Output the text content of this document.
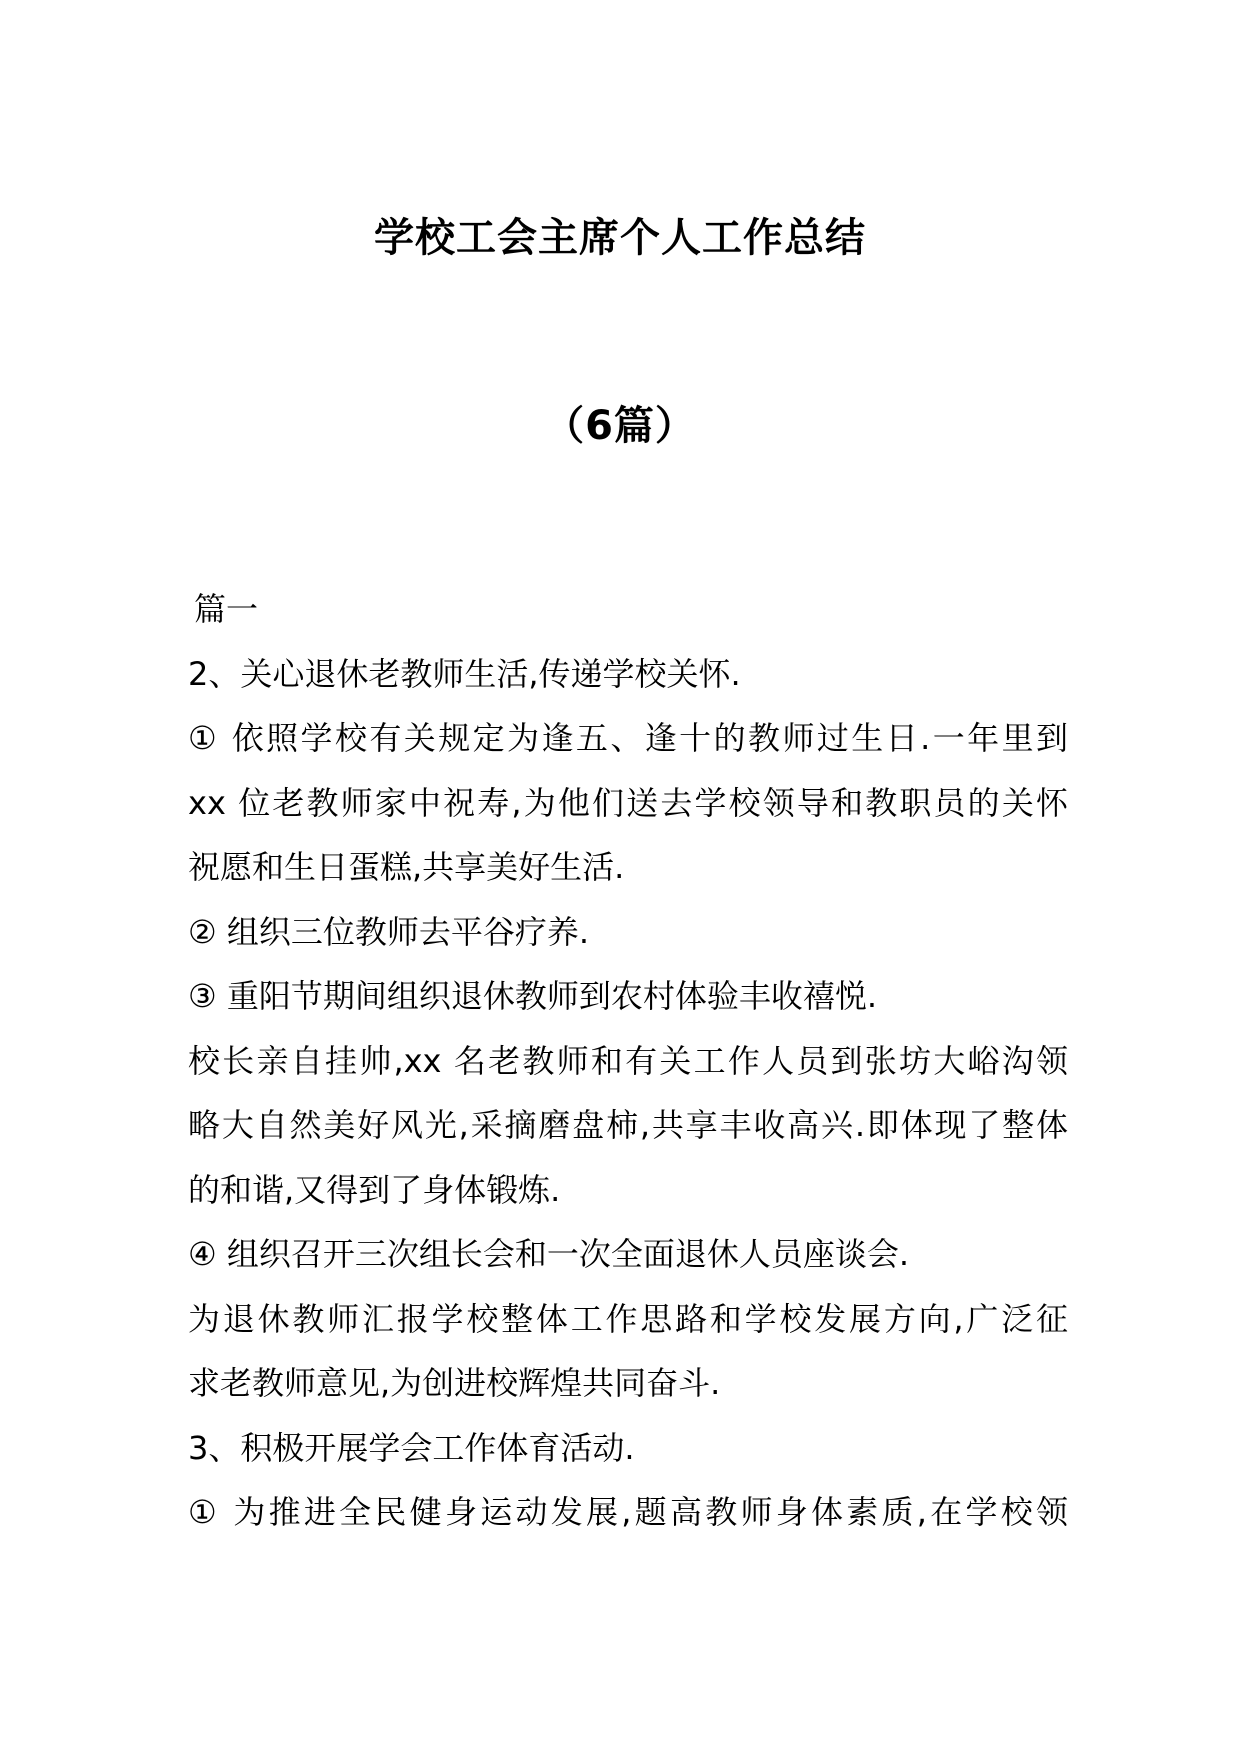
学校工会主席个人工作总结
（6篇）
篇一
2、关心退休老教师生活,传递学校关怀.
① 依照学校有关规定为逢五、逢十的教师过生日.一年里到
xx 位老教师家中祝寿,为他们送去学校领导和教职员的关怀
祝愿和生日蛋糕,共享美好生活.
② 组织三位教师去平谷疗养.
③ 重阳节期间组织退休教师到农村体验丰收禧悦.
校长亲自挂帅,xx 名老教师和有关工作人员到张坊大峪沟领
略大自然美好风光,采摘磨盘柿,共享丰收高兴.即体现了整体
的和谐,又得到了身体锻炼.
④ 组织召开三次组长会和一次全面退休人员座谈会.
为退休教师汇报学校整体工作思路和学校发展方向,广泛征
求老教师意见,为创进校辉煌共同奋斗.
3、积极开展学会工作体育活动.
① 为推进全民健身运动发展,题高教师身体素质,在学校领
